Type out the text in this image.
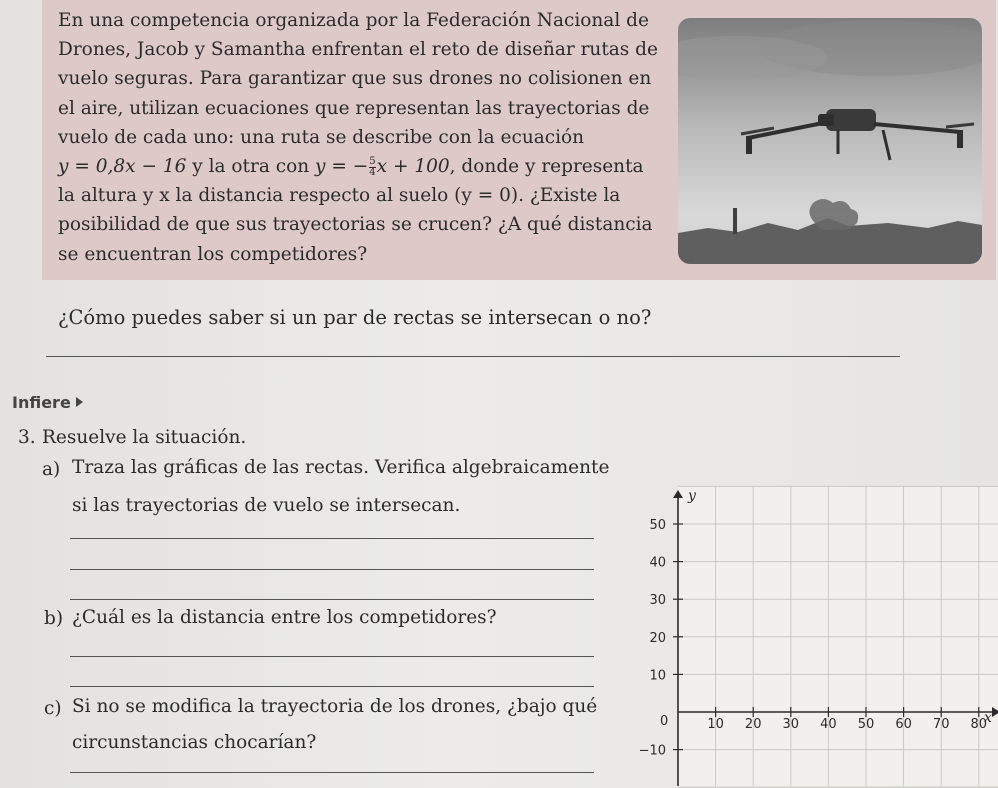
En una competencia organizada por la Federación Nacional de
Drones, Jacob y Samantha enfrentan el reto de diseñar rutas de
vuelo seguras. Para garantizar que sus drones no colisionen en
el aire, utilizan ecuaciones que representan las trayectorias de
vuelo de cada uno: una ruta se describe con la ecuación
y = 0,8x − 16 y la otra con y = − $\frac{5}{4}$ x + 100, donde y representa
la altura y x la distancia respecto al suelo (y = 0). ¿Existe la
posibilidad de que sus trayectorias se crucen? ¿A qué distancia
se encuentran los competidores?
¿Cómo puedes saber si un par de rectas se intersecan o no?
Infiere
3. Resuelve la situación.
a) Traza las gráficas de las rectas. Verifica algebraicamente
si las trayectorias de vuelo se intersecan.
b) ¿Cuál es la distancia entre los competidores?
c) Si no se modifica la trayectoria de los drones, ¿bajo qué
circunstancias chocarían?
y
x
0	10 20 30 40 50 60 70 80
50
40
30
20
10
−10
